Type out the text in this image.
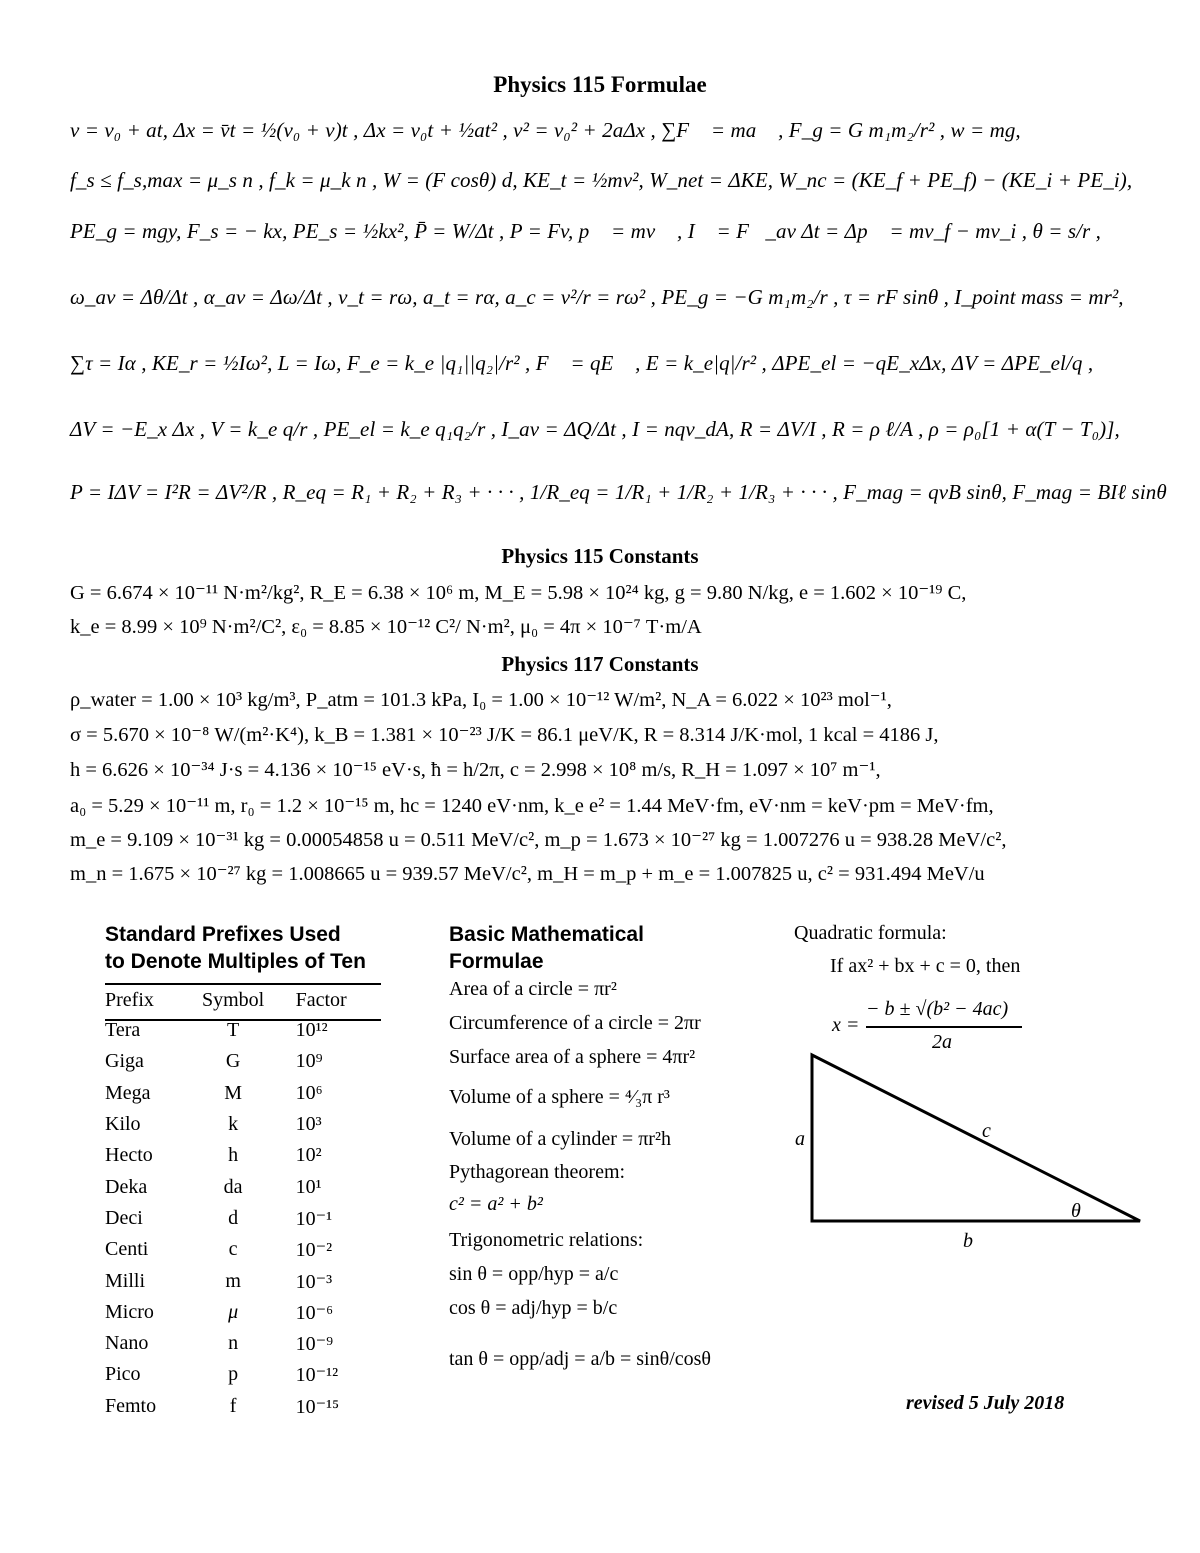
Physics 115 Formulae
v = v₀ + at, Δx = v̄t = ½(v₀ + v)t , Δx = v₀t + ½at² , v² = v₀² + 2aΔx , ∑F⃗ = ma⃗ , F_g = G m₁m₂/r² , w = mg,
f_s ≤ f_s,max = μ_s n , f_k = μ_k n , W = (F cosθ) d, KE_t = ½mv², W_net = ΔKE, W_nc = (KE_f + PE_f) − (KE_i + PE_i),
PE_g = mgy, F_s = − kx, PE_s = ½kx², P̄ = W/Δt , P = Fv, p⃗ = mv⃗ , I⃗ = F⃗_av Δt = Δp⃗ = mv_f − mv_i , θ = s/r ,
ω_av = Δθ/Δt , α_av = Δω/Δt , v_t = rω, a_t = rα, a_c = v²/r = rω² , PE_g = −G m₁m₂/r , τ = rF sinθ , I_point mass = mr²,
∑τ = Iα , KE_r = ½Iω², L = Iω, F_e = k_e |q₁||q₂|/r² , F⃗ = qE⃗ , E = k_e|q|/r² , ΔPE_el = −qE_xΔx, ΔV = ΔPE_el/q ,
ΔV = −E_x Δx , V = k_e q/r , PE_el = k_e q₁q₂/r , I_av = ΔQ/Δt , I = nqv_dA, R = ΔV/I , R = ρ ℓ/A , ρ = ρ₀[1 + α(T − T₀)],
P = IΔV = I²R = ΔV²/R , R_eq = R₁ + R₂ + R₃ + · · · , 1/R_eq = 1/R₁ + 1/R₂ + 1/R₃ + · · · , F_mag = qvB sinθ, F_mag = BIℓ sinθ
Physics 115 Constants
G = 6.674 × 10⁻¹¹ N·m²/kg², R_E = 6.38 × 10⁶ m, M_E = 5.98 × 10²⁴ kg, g = 9.80 N/kg, e = 1.602 × 10⁻¹⁹ C,
k_e = 8.99 × 10⁹ N·m²/C², ε₀ = 8.85 × 10⁻¹² C²/ N·m², μ₀ = 4π × 10⁻⁷ T·m/A
Physics 117 Constants
ρ_water = 1.00 × 10³ kg/m³, P_atm = 101.3 kPa, I₀ = 1.00 × 10⁻¹² W/m², N_A = 6.022 × 10²³ mol⁻¹,
σ = 5.670 × 10⁻⁸ W/(m²·K⁴), k_B = 1.381 × 10⁻²³ J/K = 86.1 μeV/K, R = 8.314 J/K·mol, 1 kcal = 4186 J,
h = 6.626 × 10⁻³⁴ J·s = 4.136 × 10⁻¹⁵ eV·s, ħ = h/2π, c = 2.998 × 10⁸ m/s, R_H = 1.097 × 10⁷ m⁻¹,
a₀ = 5.29 × 10⁻¹¹ m, r₀ = 1.2 × 10⁻¹⁵ m, hc = 1240 eV·nm, k_e e² = 1.44 MeV·fm, eV·nm = keV·pm = MeV·fm,
m_e = 9.109 × 10⁻³¹ kg = 0.00054858 u = 0.511 MeV/c², m_p = 1.673 × 10⁻²⁷ kg = 1.007276 u = 938.28 MeV/c²,
m_n = 1.675 × 10⁻²⁷ kg = 1.008665 u = 939.57 MeV/c², m_H = m_p + m_e = 1.007825 u, c² = 931.494 MeV/u
Standard Prefixes Used
to Denote Multiples of Ten
Prefix	Symbol	Factor
Tera	T	10¹²
Giga	G	10⁹
Mega	M	10⁶
Kilo	k	10³
Hecto	h	10²
Deka	da	10¹
Deci	d	10⁻¹
Centi	c	10⁻²
Milli	m	10⁻³
Micro	μ	10⁻⁶
Nano	n	10⁻⁹
Pico	p	10⁻¹²
Femto	f	10⁻¹⁵
Basic Mathematical
Formulae
Area of a circle = πr²
Circumference of a circle = 2πr
Surface area of a sphere = 4πr²
Volume of a sphere = ⁴⁄₃π r³
Volume of a cylinder = πr²h
Pythagorean theorem:
c² = a² + b²
Trigonometric relations:
sin θ = opp/hyp = a/c
cos θ = adj/hyp = b/c
tan θ = opp/adj = a/b = sinθ/cosθ
Quadratic formula:
If ax² + bx + c = 0, then
x =
− b ± √(b² − 4ac)
2a
a
b
c
θ
revised 5 July 2018
